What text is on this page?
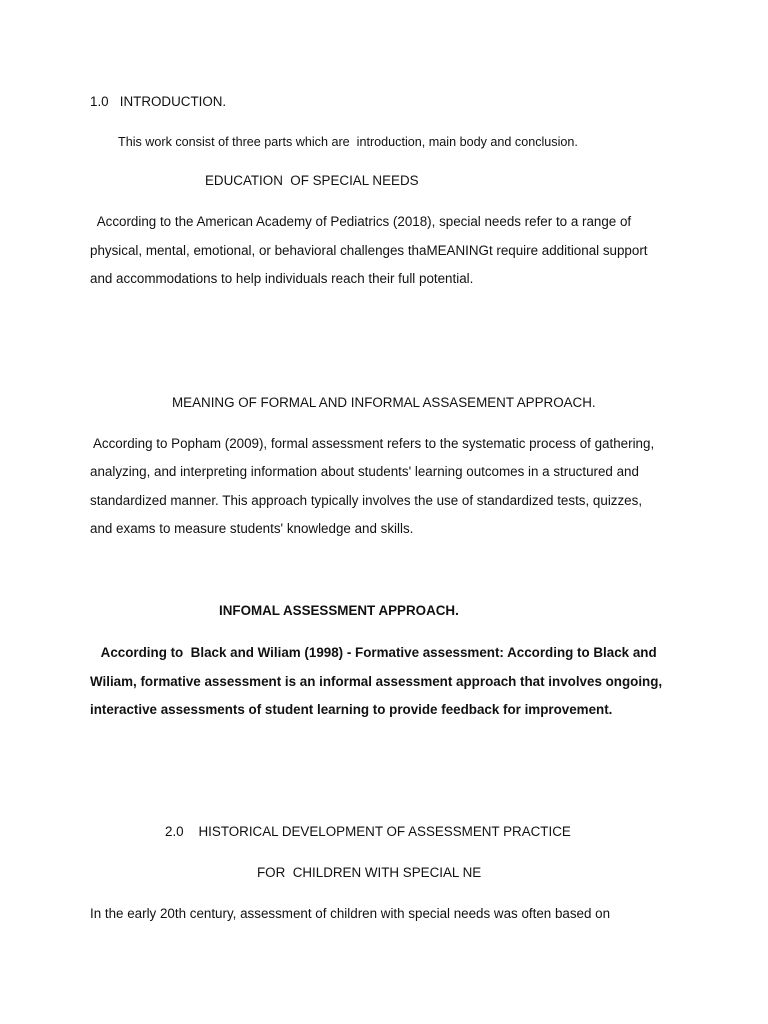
1.0   INTRODUCTION.
This work consist of three parts which are  introduction, main body and conclusion.
EDUCATION  OF SPECIAL NEEDS
According to the American Academy of Pediatrics (2018), special needs refer to a range of
physical, mental, emotional, or behavioral challenges thaMEANINGt require additional support
and accommodations to help individuals reach their full potential.
MEANING OF FORMAL AND INFORMAL ASSASEMENT APPROACH.
According to Popham (2009), formal assessment refers to the systematic process of gathering,
analyzing, and interpreting information about students' learning outcomes in a structured and
standardized manner. This approach typically involves the use of standardized tests, quizzes,
and exams to measure students' knowledge and skills.
INFOMAL ASSESSMENT APPROACH.
According to  Black and Wiliam (1998) - Formative assessment: According to Black and
Wiliam, formative assessment is an informal assessment approach that involves ongoing,
interactive assessments of student learning to provide feedback for improvement.
2.0    HISTORICAL DEVELOPMENT OF ASSESSMENT PRACTICE
FOR  CHILDREN WITH SPECIAL NE
In the early 20th century, assessment of children with special needs was often based on
